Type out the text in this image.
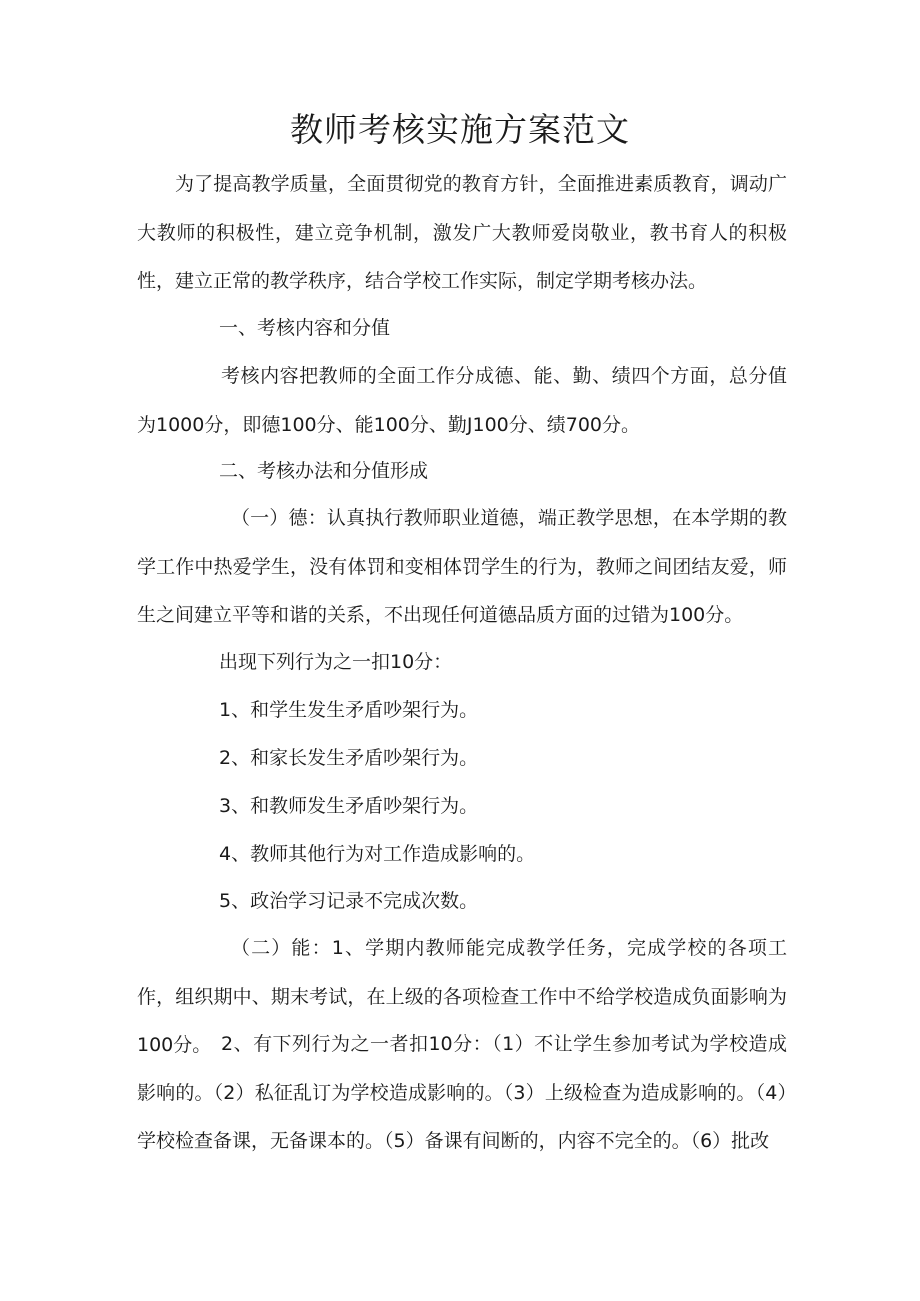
教师考核实施方案范文

为了提高教学质量，全面贯彻党的教育方针，全面推进素质教育，调动广大教师的积极性，建立竞争机制，激发广大教师爱岗敬业，教书育人的积极性，建立正常的教学秩序，结合学校工作实际，制定学期考核办法。

一、考核内容和分值

考核内容把教师的全面工作分成德、能、勤、绩四个方面，总分值为1000分，即德100分、能100分、勤J100分、绩700分。

二、考核办法和分值形成

（一）德：认真执行教师职业道德，端正教学思想，在本学期的教学工作中热爱学生，没有体罚和变相体罚学生的行为，教师之间团结友爱，师生之间建立平等和谐的关系，不出现任何道德品质方面的过错为100分。

出现下列行为之一扣10分：

1、和学生发生矛盾吵架行为。

2、和家长发生矛盾吵架行为。

3、和教师发生矛盾吵架行为。

4、教师其他行为对工作造成影响的。

5、政治学习记录不完成次数。

（二）能：1、学期内教师能完成教学任务，完成学校的各项工作，组织期中、期末考试，在上级的各项检查工作中不给学校造成负面影响为100分。 2、有下列行为之一者扣10分：（1）不让学生参加考试为学校造成影响的。（2）私征乱订为学校造成影响的。（3）上级检查为造成影响的。（4）学校检查备课，无备课本的。（5）备课有间断的，内容不完全的。（6）批改
